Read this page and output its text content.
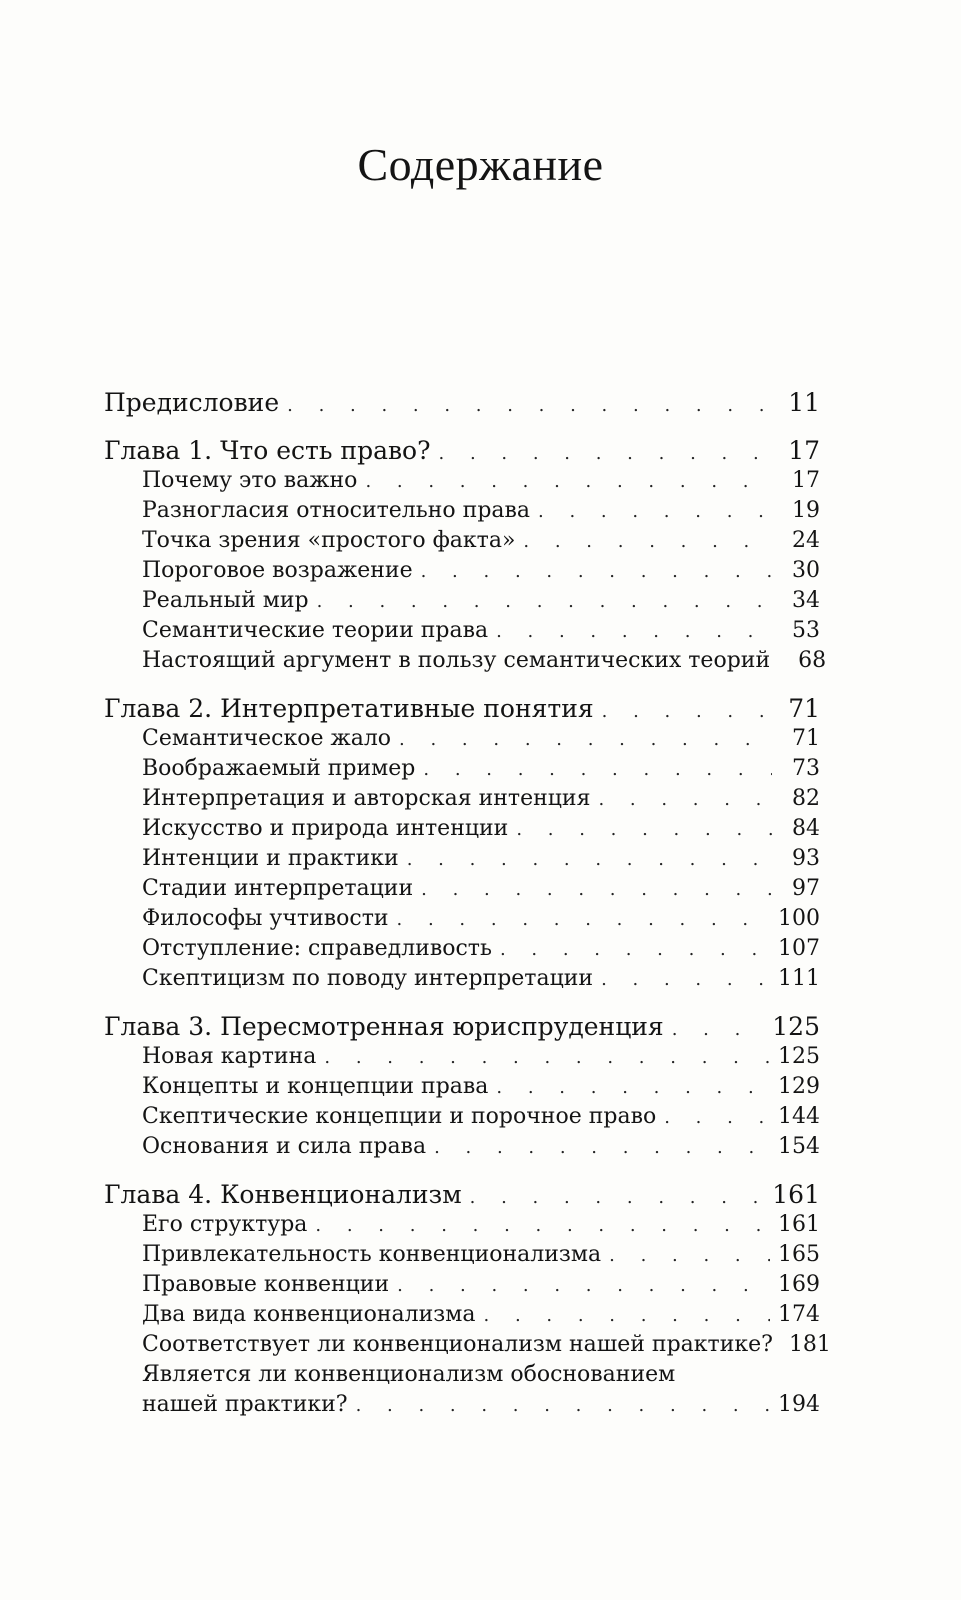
Содержание
Предисловие . . .	11
Глава 1. Что есть право? . . .	17
Почему это важно . . .	17
Разногласия относительно права . . .	19
Точка зрения «простого факта» . . .	24
Пороговое возражение . . .	30
Реальный мир . . .	34
Семантические теории права . . .	53
Настоящий аргумент в пользу семантических теорий	68
Глава 2. Интерпретативные понятия . . .	71
Семантическое жало . . .	71
Воображаемый пример . . .	73
Интерпретация и авторская интенция . . .	82
Искусство и природа интенции . . .	84
Интенции и практики . . .	93
Стадии интерпретации . . .	97
Философы учтивости . . .	100
Отступление: справедливость . . .	107
Скептицизм по поводу интерпретации . . .	111
Глава 3. Пересмотренная юриспруденция . . .	125
Новая картина . . .	125
Концепты и концепции права . . .	129
Скептические концепции и порочное право . . .	144
Основания и сила права . . .	154
Глава 4. Конвенционализм . . .	161
Его структура . . .	161
Привлекательность конвенционализма . . .	165
Правовые конвенции . . .	169
Два вида конвенционализма . . .	174
Соответствует ли конвенционализм нашей практике? 181
Является ли конвенционализм обоснованием
нашей практики? . . .	194
